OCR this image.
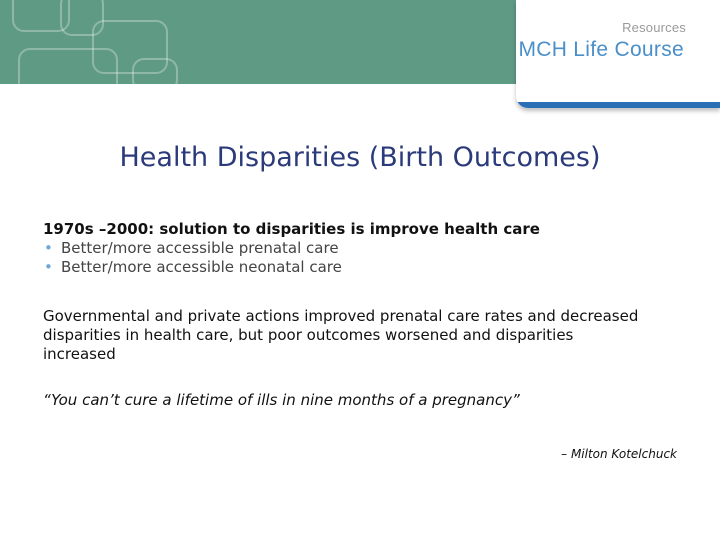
Resources
MCH Life Course
Health Disparities (Birth Outcomes)

1970s –2000: solution to disparities is improve health care

• Better/more accessible prenatal care
• Better/more accessible neonatal care

Governmental and private actions improved prenatal care rates and decreased disparities in health care, but poor outcomes worsened and disparities increased

“You can’t cure a lifetime of ills in nine months of a pregnancy”

– Milton Kotelchuck
